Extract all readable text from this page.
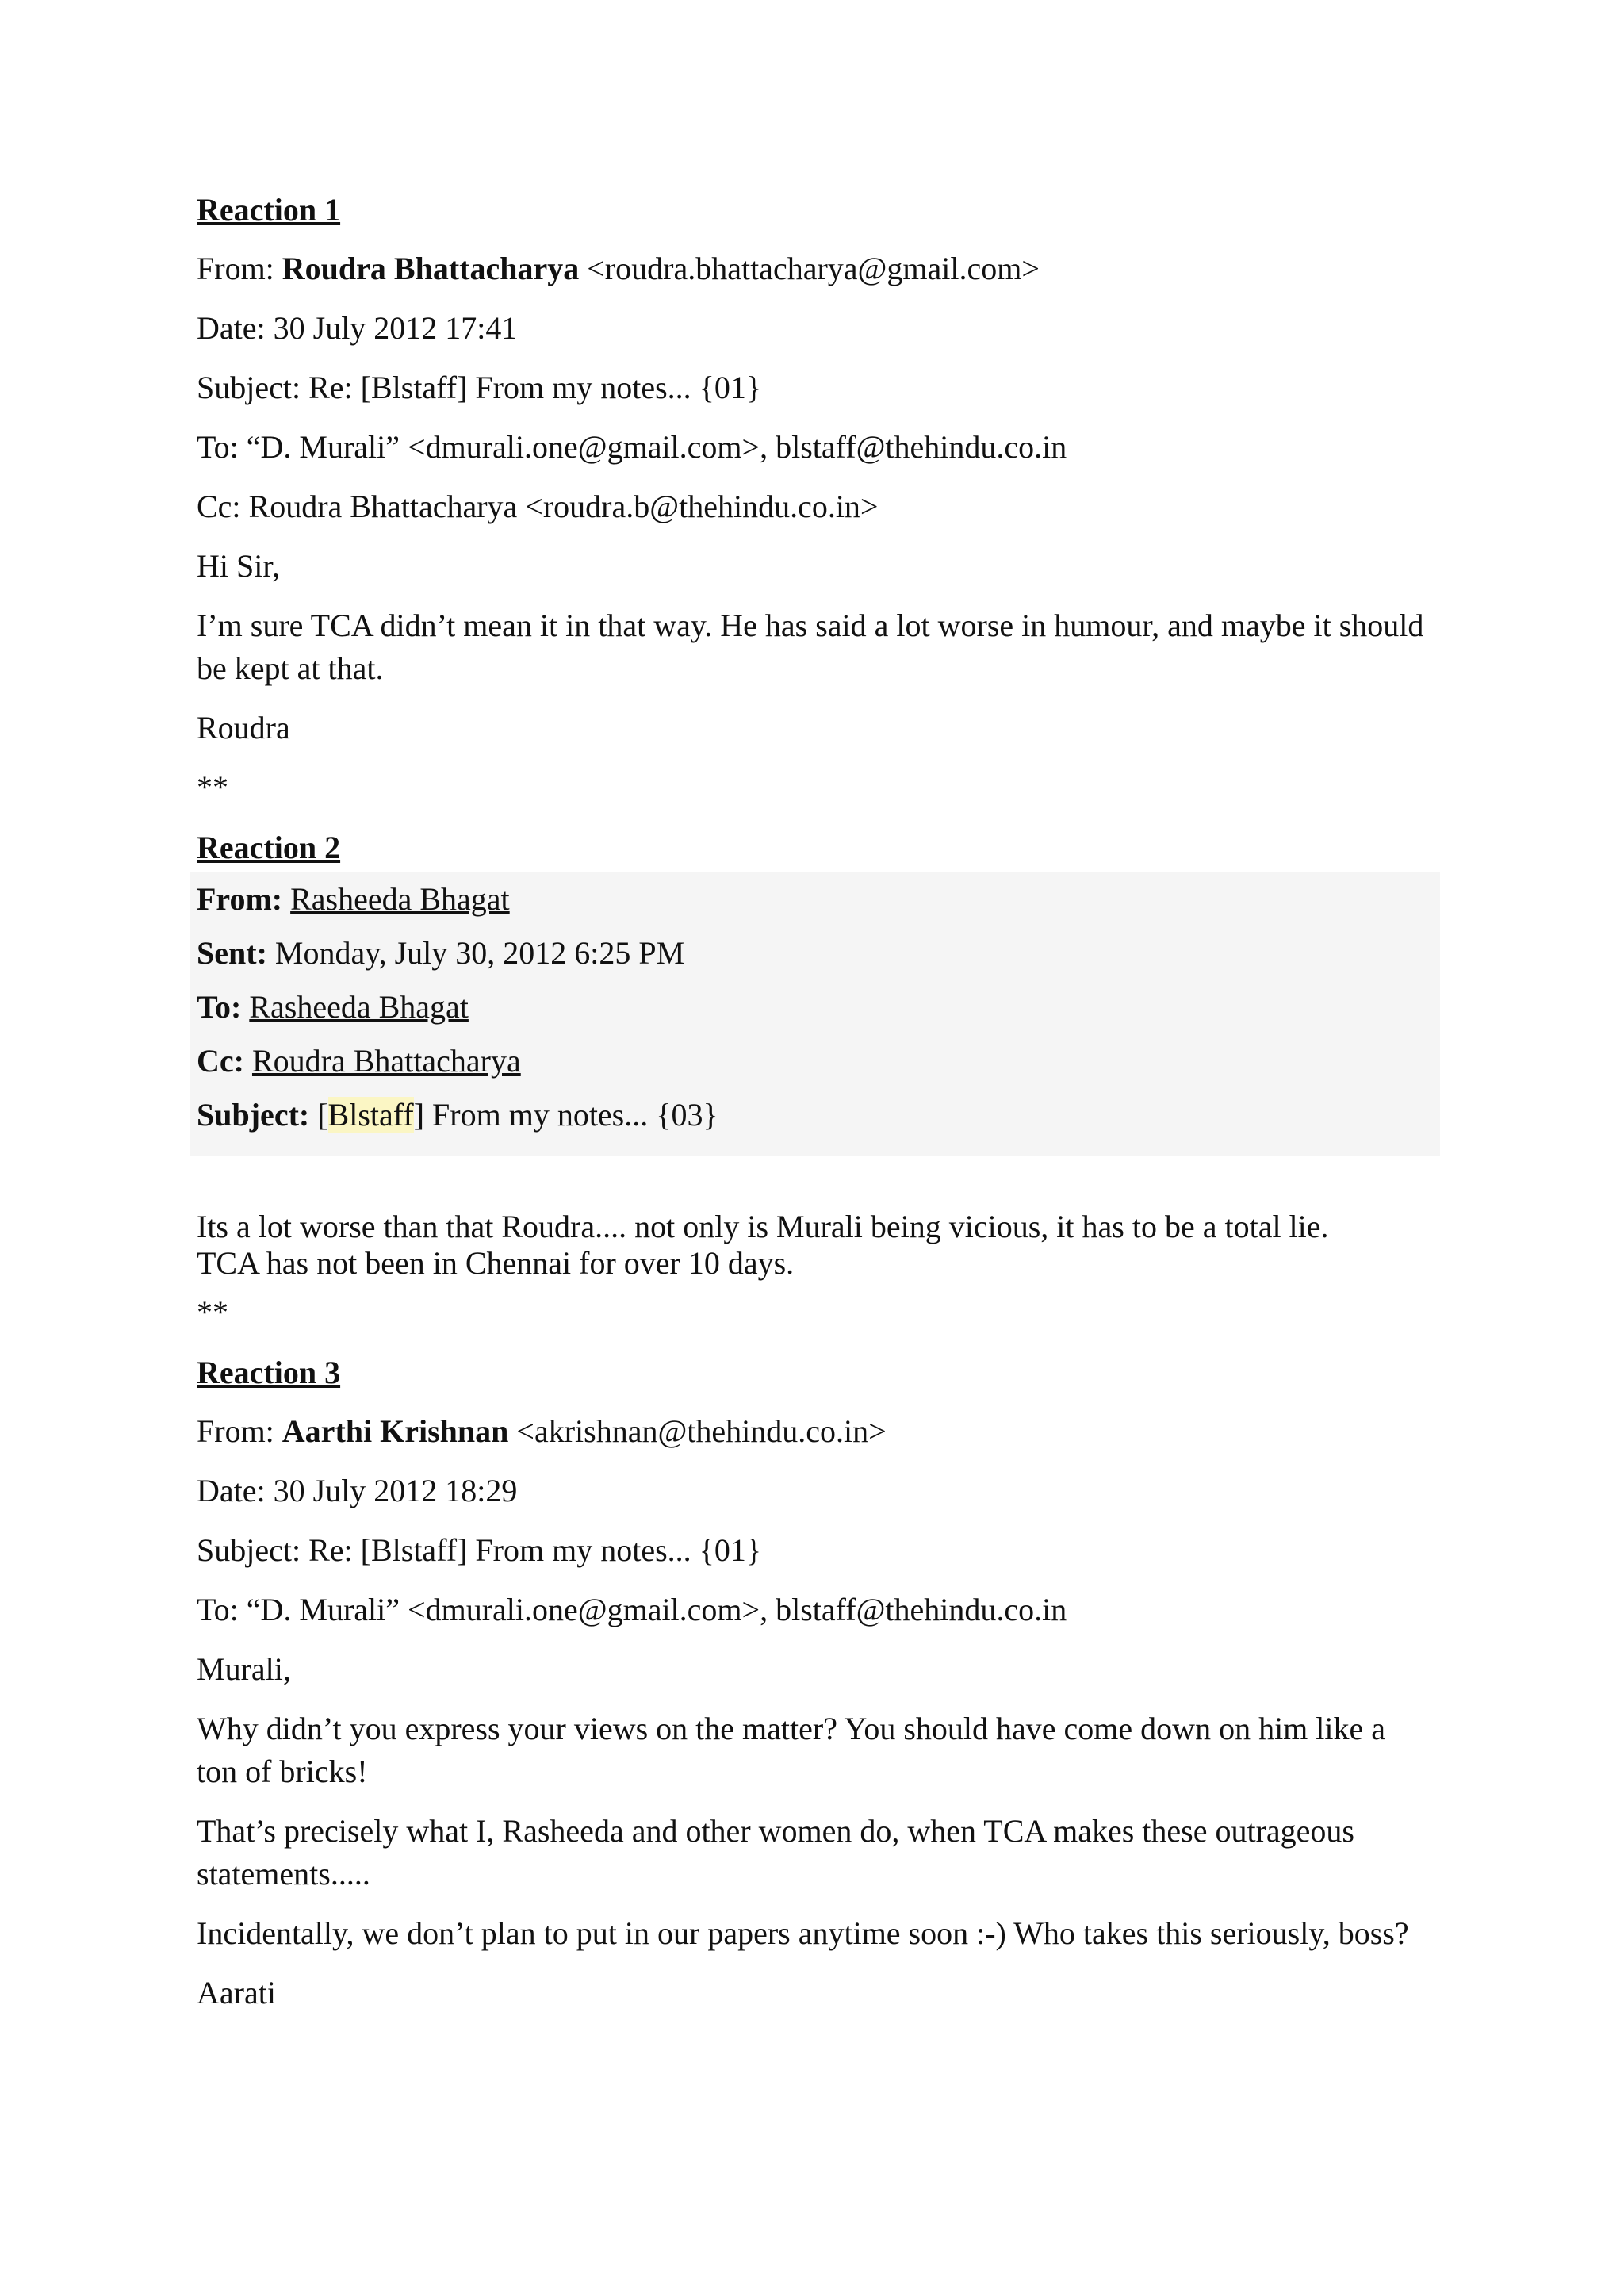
Reaction 1
From: Roudra Bhattacharya <roudra.bhattacharya@gmail.com>
Date: 30 July 2012 17:41
Subject: Re: [Blstaff] From my notes... {01}
To: “D. Murali” <dmurali.one@gmail.com>, blstaff@thehindu.co.in
Cc: Roudra Bhattacharya <roudra.b@thehindu.co.in>
Hi Sir,
I’m sure TCA didn’t mean it in that way. He has said a lot worse in humour, and maybe it should be kept at that.
Roudra
**
Reaction 2
From: Rasheeda Bhagat
Sent: Monday, July 30, 2012 6:25 PM
To: Rasheeda Bhagat
Cc: Roudra Bhattacharya
Subject: [Blstaff] From my notes... {03}
Its a lot worse than that Roudra.... not only is Murali being vicious, it has to be a total lie.
TCA has not been in Chennai for over 10 days.
**
Reaction 3
From: Aarthi Krishnan <akrishnan@thehindu.co.in>
Date: 30 July 2012 18:29
Subject: Re: [Blstaff] From my notes... {01}
To: “D. Murali” <dmurali.one@gmail.com>, blstaff@thehindu.co.in
Murali,
Why didn’t you express your views on the matter? You should have come down on him like a ton of bricks!
That’s precisely what I, Rasheeda and other women do, when TCA makes these outrageous statements.....
Incidentally, we don’t plan to put in our papers anytime soon :-) Who takes this seriously, boss?
Aarati
